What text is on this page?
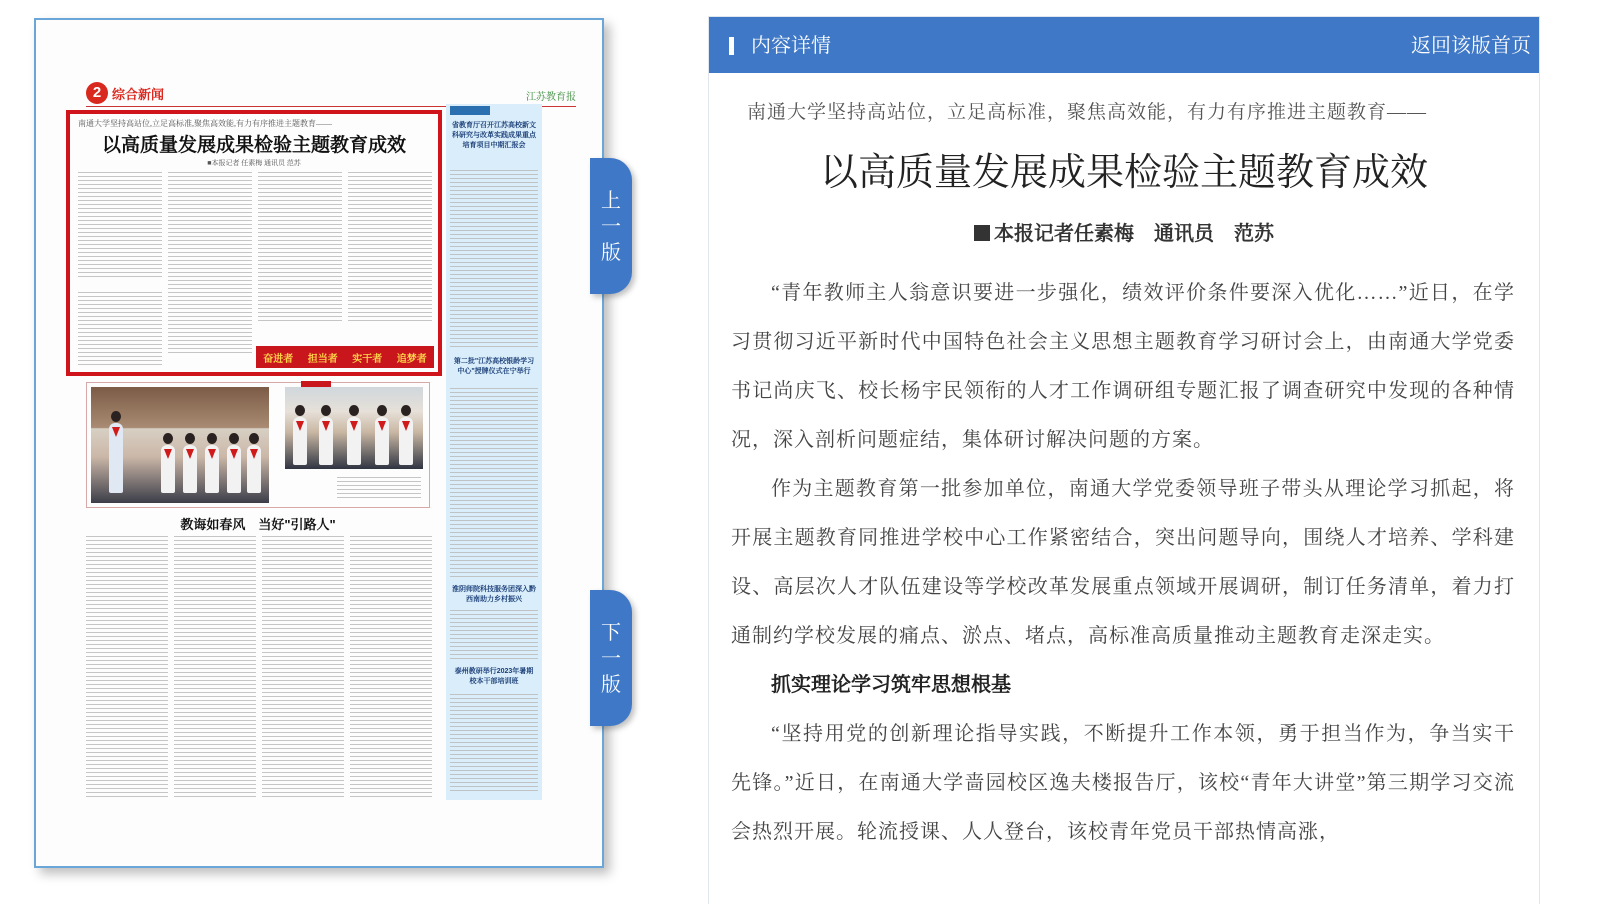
2 综合新闻	江苏教育报
南通大学坚持高站位,立足高标准,聚焦高效能,有力有序推进主题教育——
以高质量发展成果检验主题教育成效
■本报记者 任素梅 通讯员 范苏
奋进者 担当者 实干者 追梦者
省教育厅召开江苏高校新文科研究与改革实践成果重点培育项目中期汇报会
第二批"江苏高校银龄学习中心"授牌仪式在宁举行
淮阴师院科技服务团深入黔西南助力乡村振兴
泰州教研举行2023年暑期校本干部培训班
教诲如春风　当好"引路人"
上
一
版
下
一
版
内容详情	返回该版首页
南通大学坚持高站位，立足高标准，聚焦高效能，有力有序推进主题教育——
以高质量发展成果检验主题教育成效
本报记者任素梅　通讯员　范苏

“青年教师主人翁意识要进一步强化，绩效评价条件要深入优化……”近日，在学习贯彻习近平新时代中国特色社会主义思想主题教育学习研讨会上，由南通大学党委书记尚庆飞、校长杨宇民领衔的人才工作调研组专题汇报了调查研究中发现的各种情况，深入剖析问题症结，集体研讨解决问题的方案。

作为主题教育第一批参加单位，南通大学党委领导班子带头从理论学习抓起，将开展主题教育同推进学校中心工作紧密结合，突出问题导向，围绕人才培养、学科建设、高层次人才队伍建设等学校改革发展重点领域开展调研，制订任务清单，着力打通制约学校发展的痛点、淤点、堵点，高标准高质量推动主题教育走深走实。

抓实理论学习筑牢思想根基

“坚持用党的创新理论指导实践，不断提升工作本领，勇于担当作为，争当实干先锋。”近日，在南通大学啬园校区逸夫楼报告厅，该校“青年大讲堂”第三期学习交流会热烈开展。轮流授课、人人登台，该校青年党员干部热情高涨，
